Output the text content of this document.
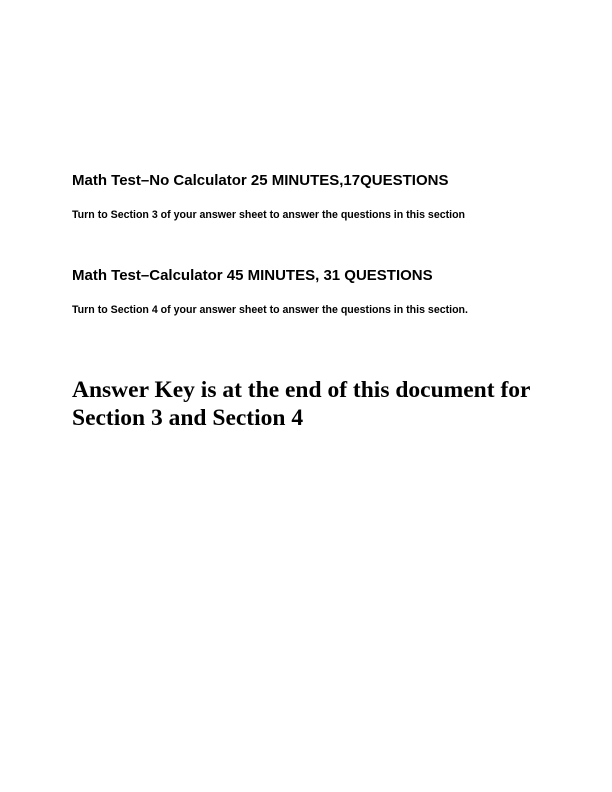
Math Test–No Calculator 25 MINUTES,17QUESTIONS

Turn to Section 3 of your answer sheet to answer the questions in this section

Math Test–Calculator 45 MINUTES, 31 QUESTIONS

Turn to Section 4 of your answer sheet to answer the questions in this section.

Answer Key is at the end of this document for Section 3 and Section 4
